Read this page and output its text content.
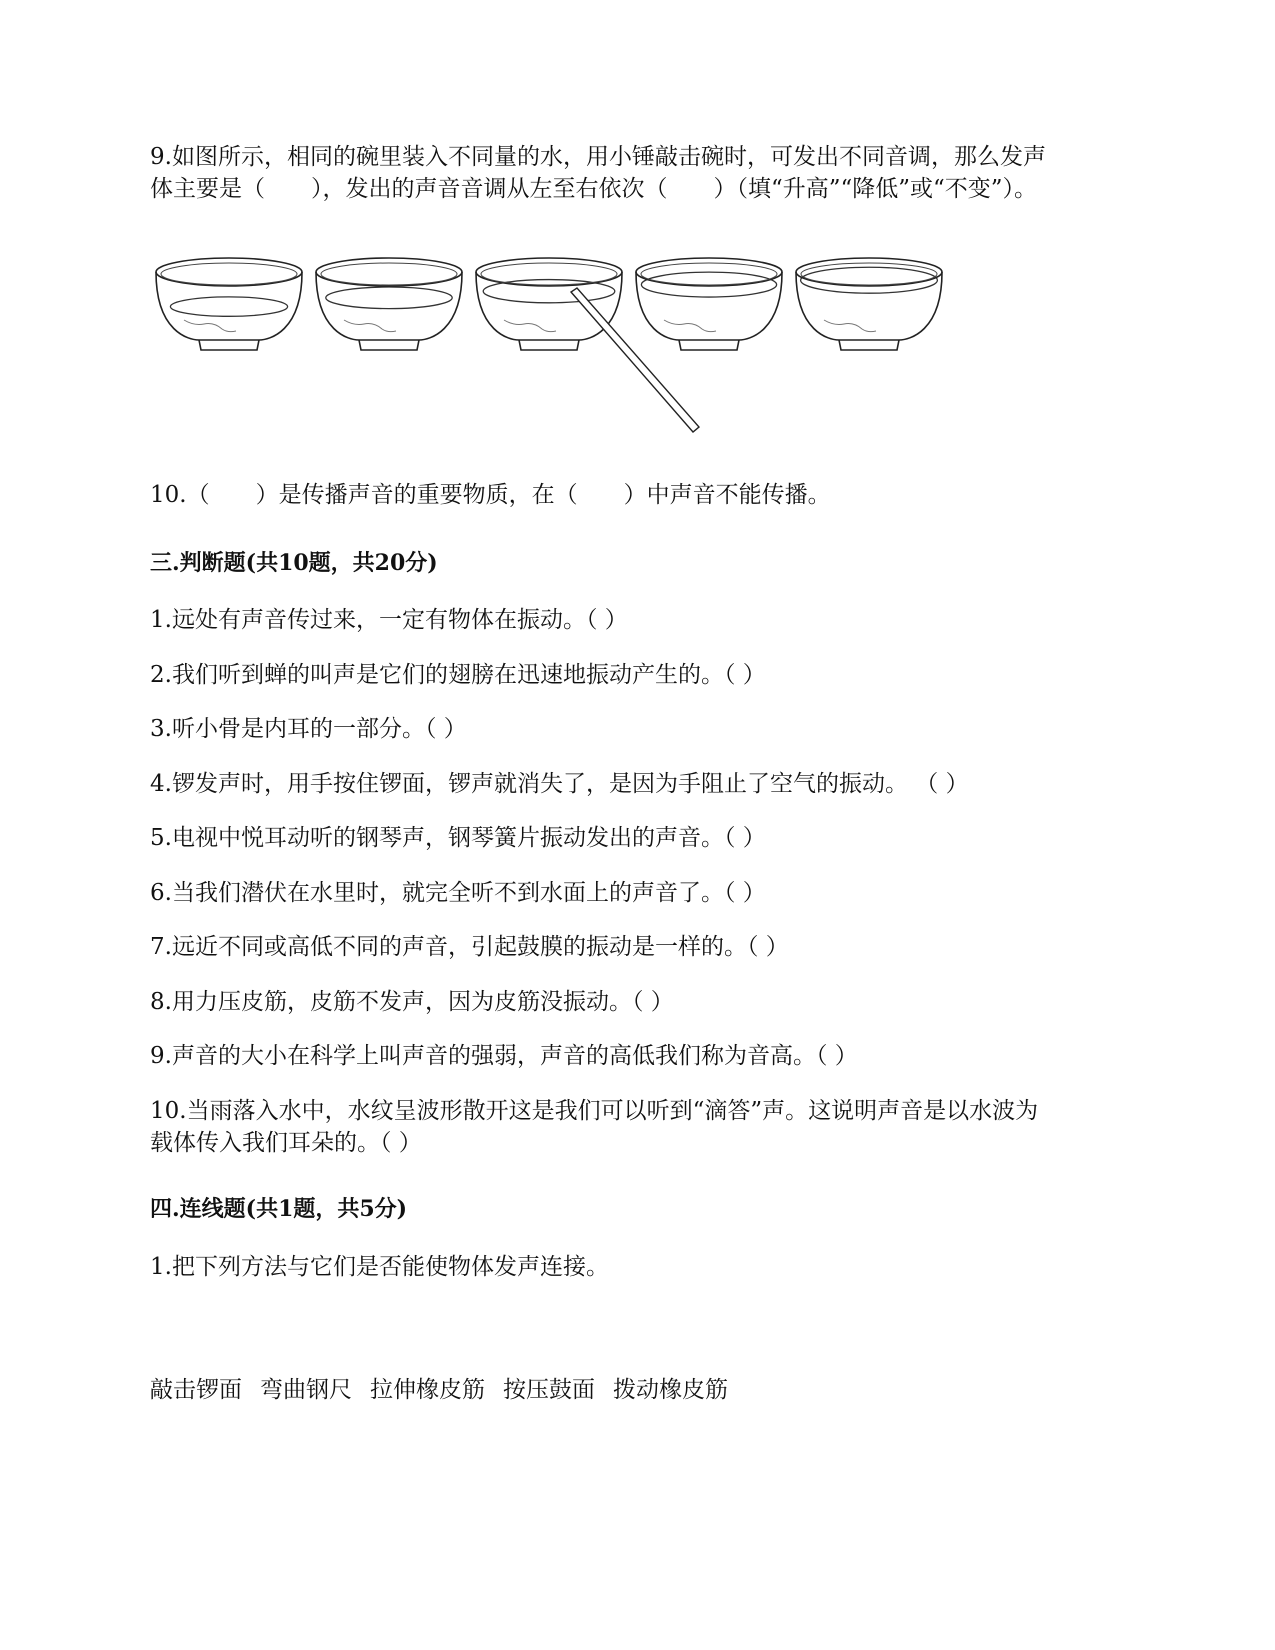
9.如图所示，相同的碗里装入不同量的水，用小锤敲击碗时，可发出不同音调，那么发声
体主要是（　　），发出的声音音调从左至右依次（　　）（填“升高”“降低”或“不变”）。
10.（　　）是传播声音的重要物质，在（　　）中声音不能传播。
三.判断题(共10题，共20分)
1.远处有声音传过来，一定有物体在振动。（ ）
2.我们听到蝉的叫声是它们的翅膀在迅速地振动产生的。（ ）
3.听小骨是内耳的一部分。（ ）
4.锣发声时，用手按住锣面，锣声就消失了，是因为手阻止了空气的振动。 （ ）
5.电视中悦耳动听的钢琴声，钢琴簧片振动发出的声音。（ ）
6.当我们潜伏在水里时，就完全听不到水面上的声音了。（ ）
7.远近不同或高低不同的声音，引起鼓膜的振动是一样的。（ ）
8.用力压皮筋，皮筋不发声，因为皮筋没振动。（ ）
9.声音的大小在科学上叫声音的强弱，声音的高低我们称为音高。（ ）
10.当雨落入水中，水纹呈波形散开这是我们可以听到“滴答”声。这说明声音是以水波为
载体传入我们耳朵的。（ ）
四.连线题(共1题，共5分)
1.把下列方法与它们是否能使物体发声连接。
敲击锣面 弯曲钢尺 拉伸橡皮筋 按压鼓面 拨动橡皮筋
